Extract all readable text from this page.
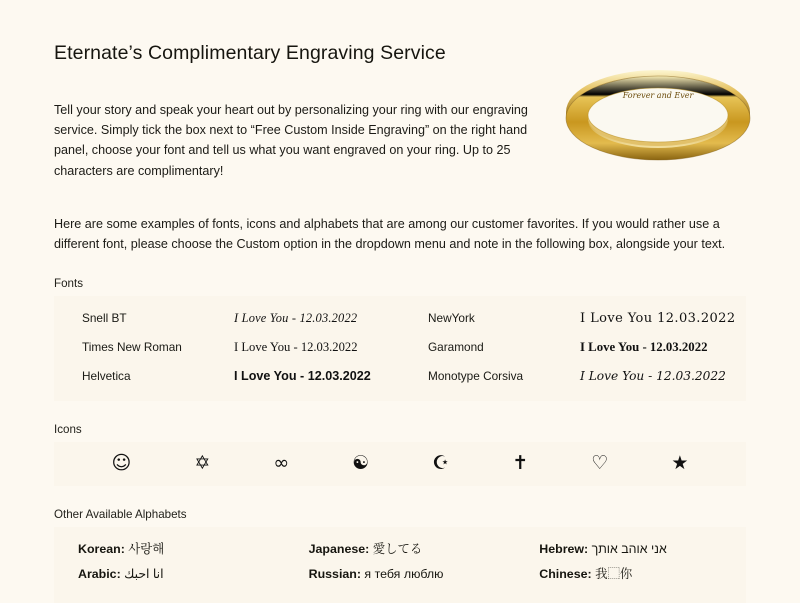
Eternate’s Complimentary Engraving Service

Tell your story and speak your heart out by personalizing your ring with our engraving service. Simply tick the box next to “Free Custom Inside Engraving” on the right hand panel, choose your font and tell us what you want engraved on your ring. Up to 25 characters are complimentary!

Forever and Ever

Here are some examples of fonts, icons and alphabets that are among our customer favorites. If you would rather use a different font, please choose the Custom option in the dropdown menu and note in the following box, alongside your text.

Fonts
Snell BT	I Love You - 12.03.2022	NewYork	I Love You 12.03.2022
Times New Roman	I Love You - 12.03.2022	Garamond	I Love You - 12.03.2022
Helvetica	I Love You - 12.03.2022	Monotype Corsiva	I Love You - 12.03.2022
Icons
☺	✡	∞	☯	☪	✝	♡	★
Other Available Alphabets
Korean: 사랑해	Japanese: 愛してる	Hebrew: אני אוהב אותך
Arabic: انا احبك	Russian: я тебя люблю	Chinese: 我⬚你
